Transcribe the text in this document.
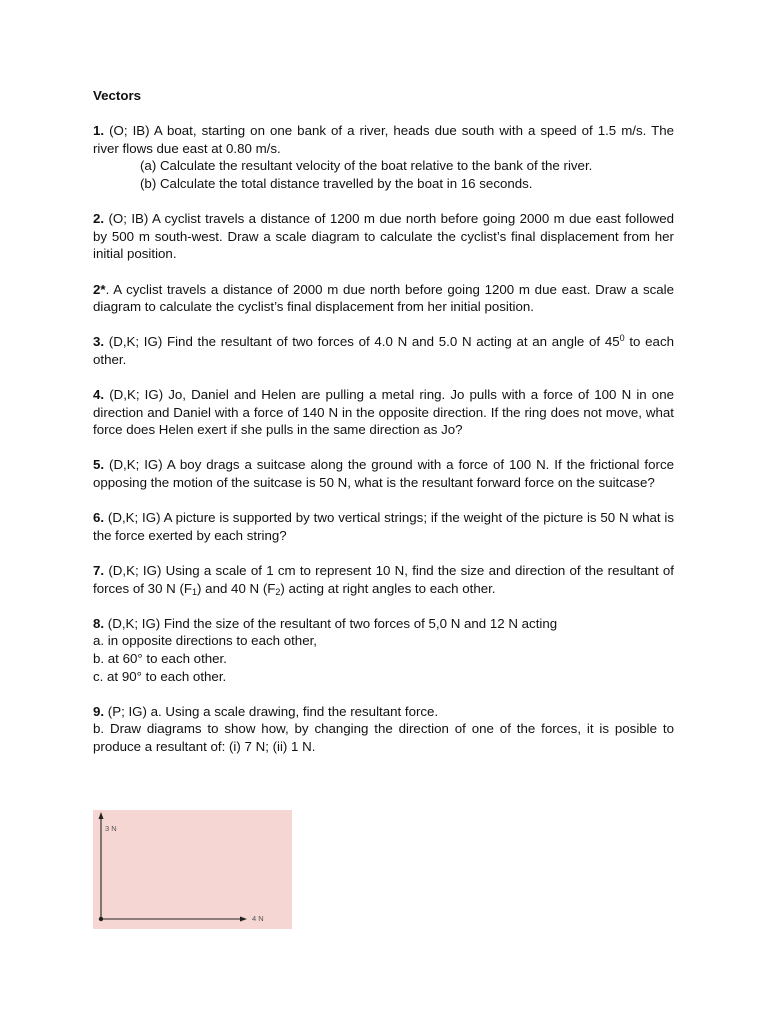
Vectors
1. (O; IB) A boat, starting on one bank of a river, heads due south with a speed of 1.5 m/s. The river flows due east at 0.80 m/s.
(a) Calculate the resultant velocity of the boat relative to the bank of the river.
(b) Calculate the total distance travelled by the boat in 16 seconds.
2. (O; IB) A cyclist travels a distance of 1200 m due north before going 2000 m due east followed by 500 m south-west. Draw a scale diagram to calculate the cyclist’s final displacement from her initial position.
2*. A cyclist travels a distance of 2000 m due north before going 1200 m due east. Draw a scale diagram to calculate the cyclist’s final displacement from her initial position.
3. (D,K; IG) Find the resultant of two forces of 4.0 N and 5.0 N acting at an angle of $45^0$ to each other.
4. (D,K; IG) Jo, Daniel and Helen are pulling a metal ring. Jo pulls with a force of 100 N in one direction and Daniel with a force of 140 N in the opposite direction. If the ring does not move, what force does Helen exert if she pulls in the same direction as Jo?
5. (D,K; IG) A boy drags a suitcase along the ground with a force of 100 N. If the frictional force opposing the motion of the suitcase is 50 N, what is the resultant forward force on the suitcase?
6. (D,K; IG) A picture is supported by two vertical strings; if the weight of the picture is 50 N what is the force exerted by each string?
7. (D,K; IG) Using a scale of 1 cm to represent 10 N, find the size and direction of the resultant of forces of 30 N $(F_1)$ and 40 N $(F_2)$ acting at right angles to each other.
8. (D,K; IG) Find the size of the resultant of two forces of 5,0 N and 12 N acting
a. in opposite directions to each other,
b. at 60° to each other.
c. at 90° to each other.
9. (P; IG) a. Using a scale drawing, find the resultant force.
b. Draw diagrams to show how, by changing the direction of one of the forces, it is posible to produce a resultant of: (i) 7 N; (ii) 1 N.
3 N
4 N
